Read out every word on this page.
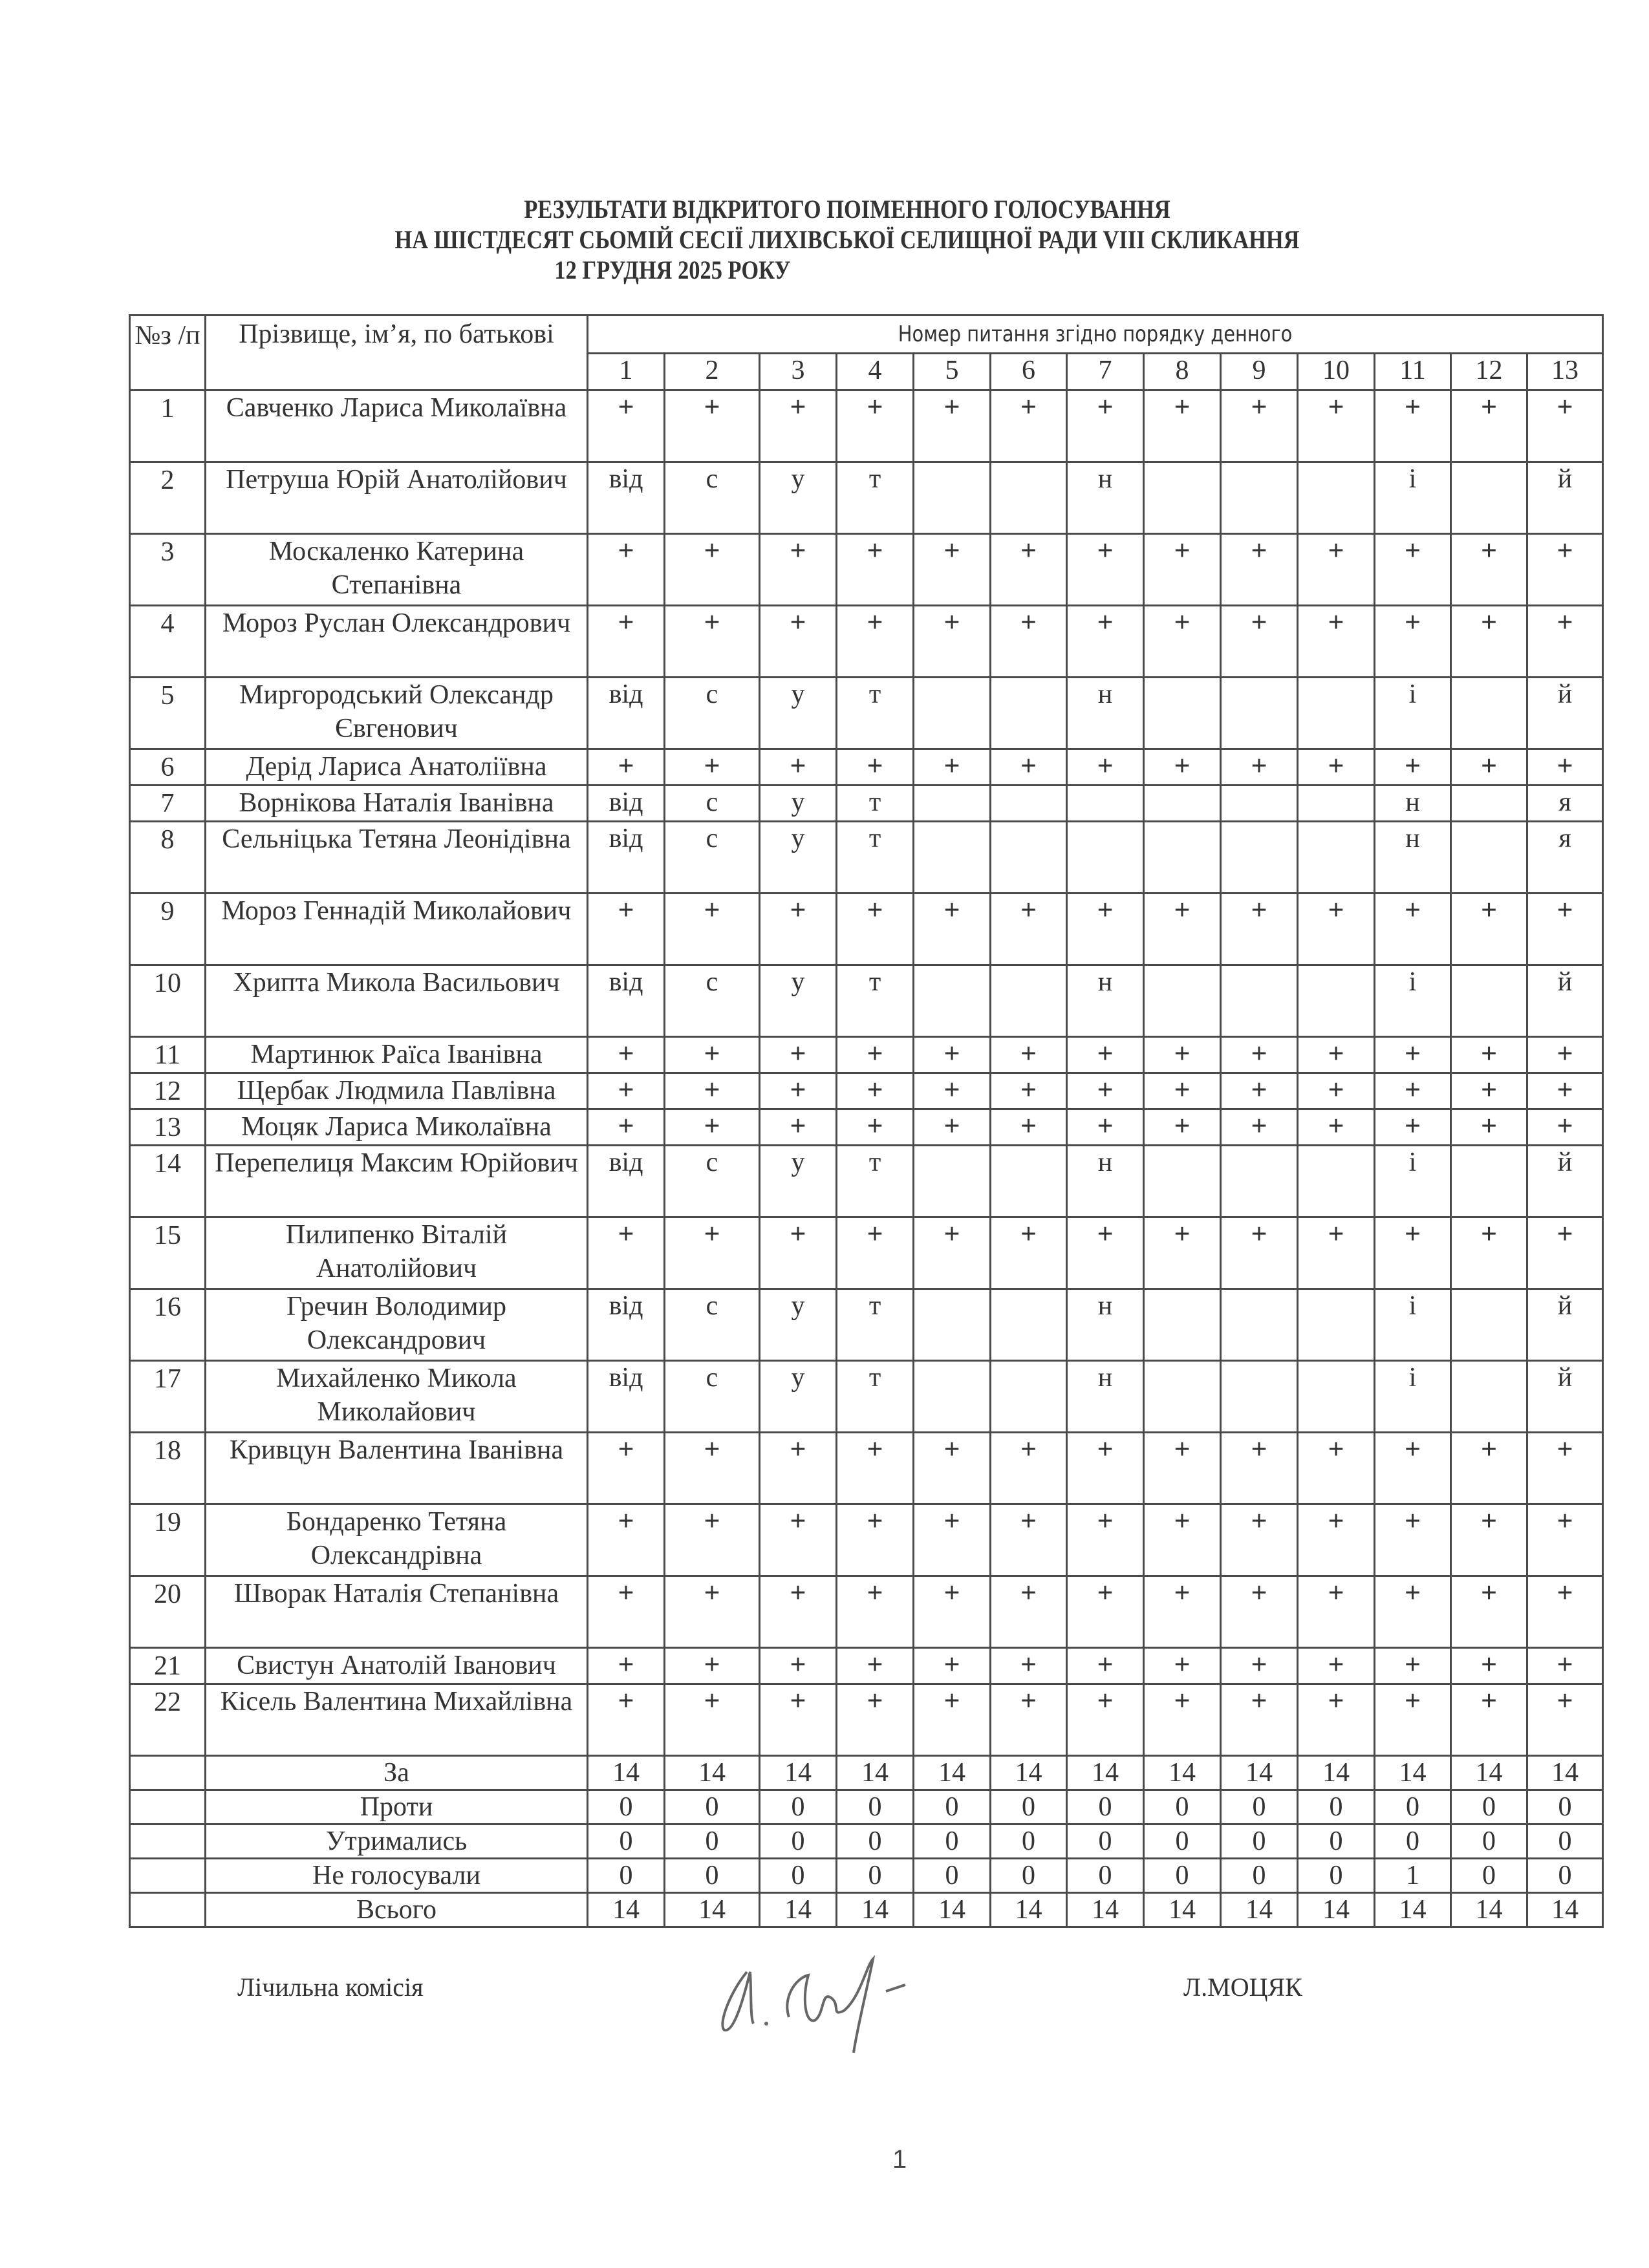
РЕЗУЛЬТАТИ ВІДКРИТОГО ПОІМЕННОГО ГОЛОСУВАННЯ
НА ШІСТДЕСЯТ СЬОМІЙ СЕСІЇ ЛИХІВСЬКОЇ СЕЛИЩНОЇ РАДИ VIII СКЛИКАННЯ
12 ГРУДНЯ 2025 РОКУ
№з /п	Прізвище, ім’я, по батькові	Номер питання згідно порядку денного												
		1	2	3	4	5	6	7	8	9	10	11	12	13
1	Савченко Лариса Миколаївна	+	+	+	+	+	+	+	+	+	+	+	+	+
2	Петруша Юрій Анатолійович	від	с	у	т			н				і		й
3	Москаленко Катерина Степанівна	+	+	+	+	+	+	+	+	+	+	+	+	+
4	Мороз Руслан Олександрович	+	+	+	+	+	+	+	+	+	+	+	+	+
5	Миргородський Олександр Євгенович	від	с	у	т			н				і		й
6	Дерід Лариса Анатоліївна	+	+	+	+	+	+	+	+	+	+	+	+	+
7	Ворнікова Наталія Іванівна	від	с	у	т							н		я
8	Сельніцька Тетяна Леонідівна	від	с	у	т							н		я
9	Мороз Геннадій Миколайович	+	+	+	+	+	+	+	+	+	+	+	+	+
10	Хрипта Микола Васильович	від	с	у	т			н				і		й
11	Мартинюк Раїса Іванівна	+	+	+	+	+	+	+	+	+	+	+	+	+
12	Щербак Людмила Павлівна	+	+	+	+	+	+	+	+	+	+	+	+	+
13	Моцяк Лариса Миколаївна	+	+	+	+	+	+	+	+	+	+	+	+	+
14	Перепелиця Максим Юрійович	від	с	у	т			н				і		й
15	Пилипенко Віталій Анатолійович	+	+	+	+	+	+	+	+	+	+	+	+	+
16	Гречин Володимир Олександрович	від	с	у	т			н				і		й
17	Михайленко Микола Миколайович	від	с	у	т			н				і		й
18	Кривцун Валентина Іванівна	+	+	+	+	+	+	+	+	+	+	+	+	+
19	Бондаренко Тетяна Олександрівна	+	+	+	+	+	+	+	+	+	+	+	+	+
20	Шворак Наталія Степанівна	+	+	+	+	+	+	+	+	+	+	+	+	+
21	Свистун Анатолій Іванович	+	+	+	+	+	+	+	+	+	+	+	+	+
22	Кісель Валентина Михайлівна	+	+	+	+	+	+	+	+	+	+	+	+	+
	За	14	14	14	14	14	14	14	14	14	14	14	14	14
	Проти	0	0	0	0	0	0	0	0	0	0	0	0	0
	Утримались	0	0	0	0	0	0	0	0	0	0	0	0	0
	Не голосували	0	0	0	0	0	0	0	0	0	0	1	0	0
	Всього	14	14	14	14	14	14	14	14	14	14	14	14	14
Лічильна комісія	Л.МОЦЯК
1
